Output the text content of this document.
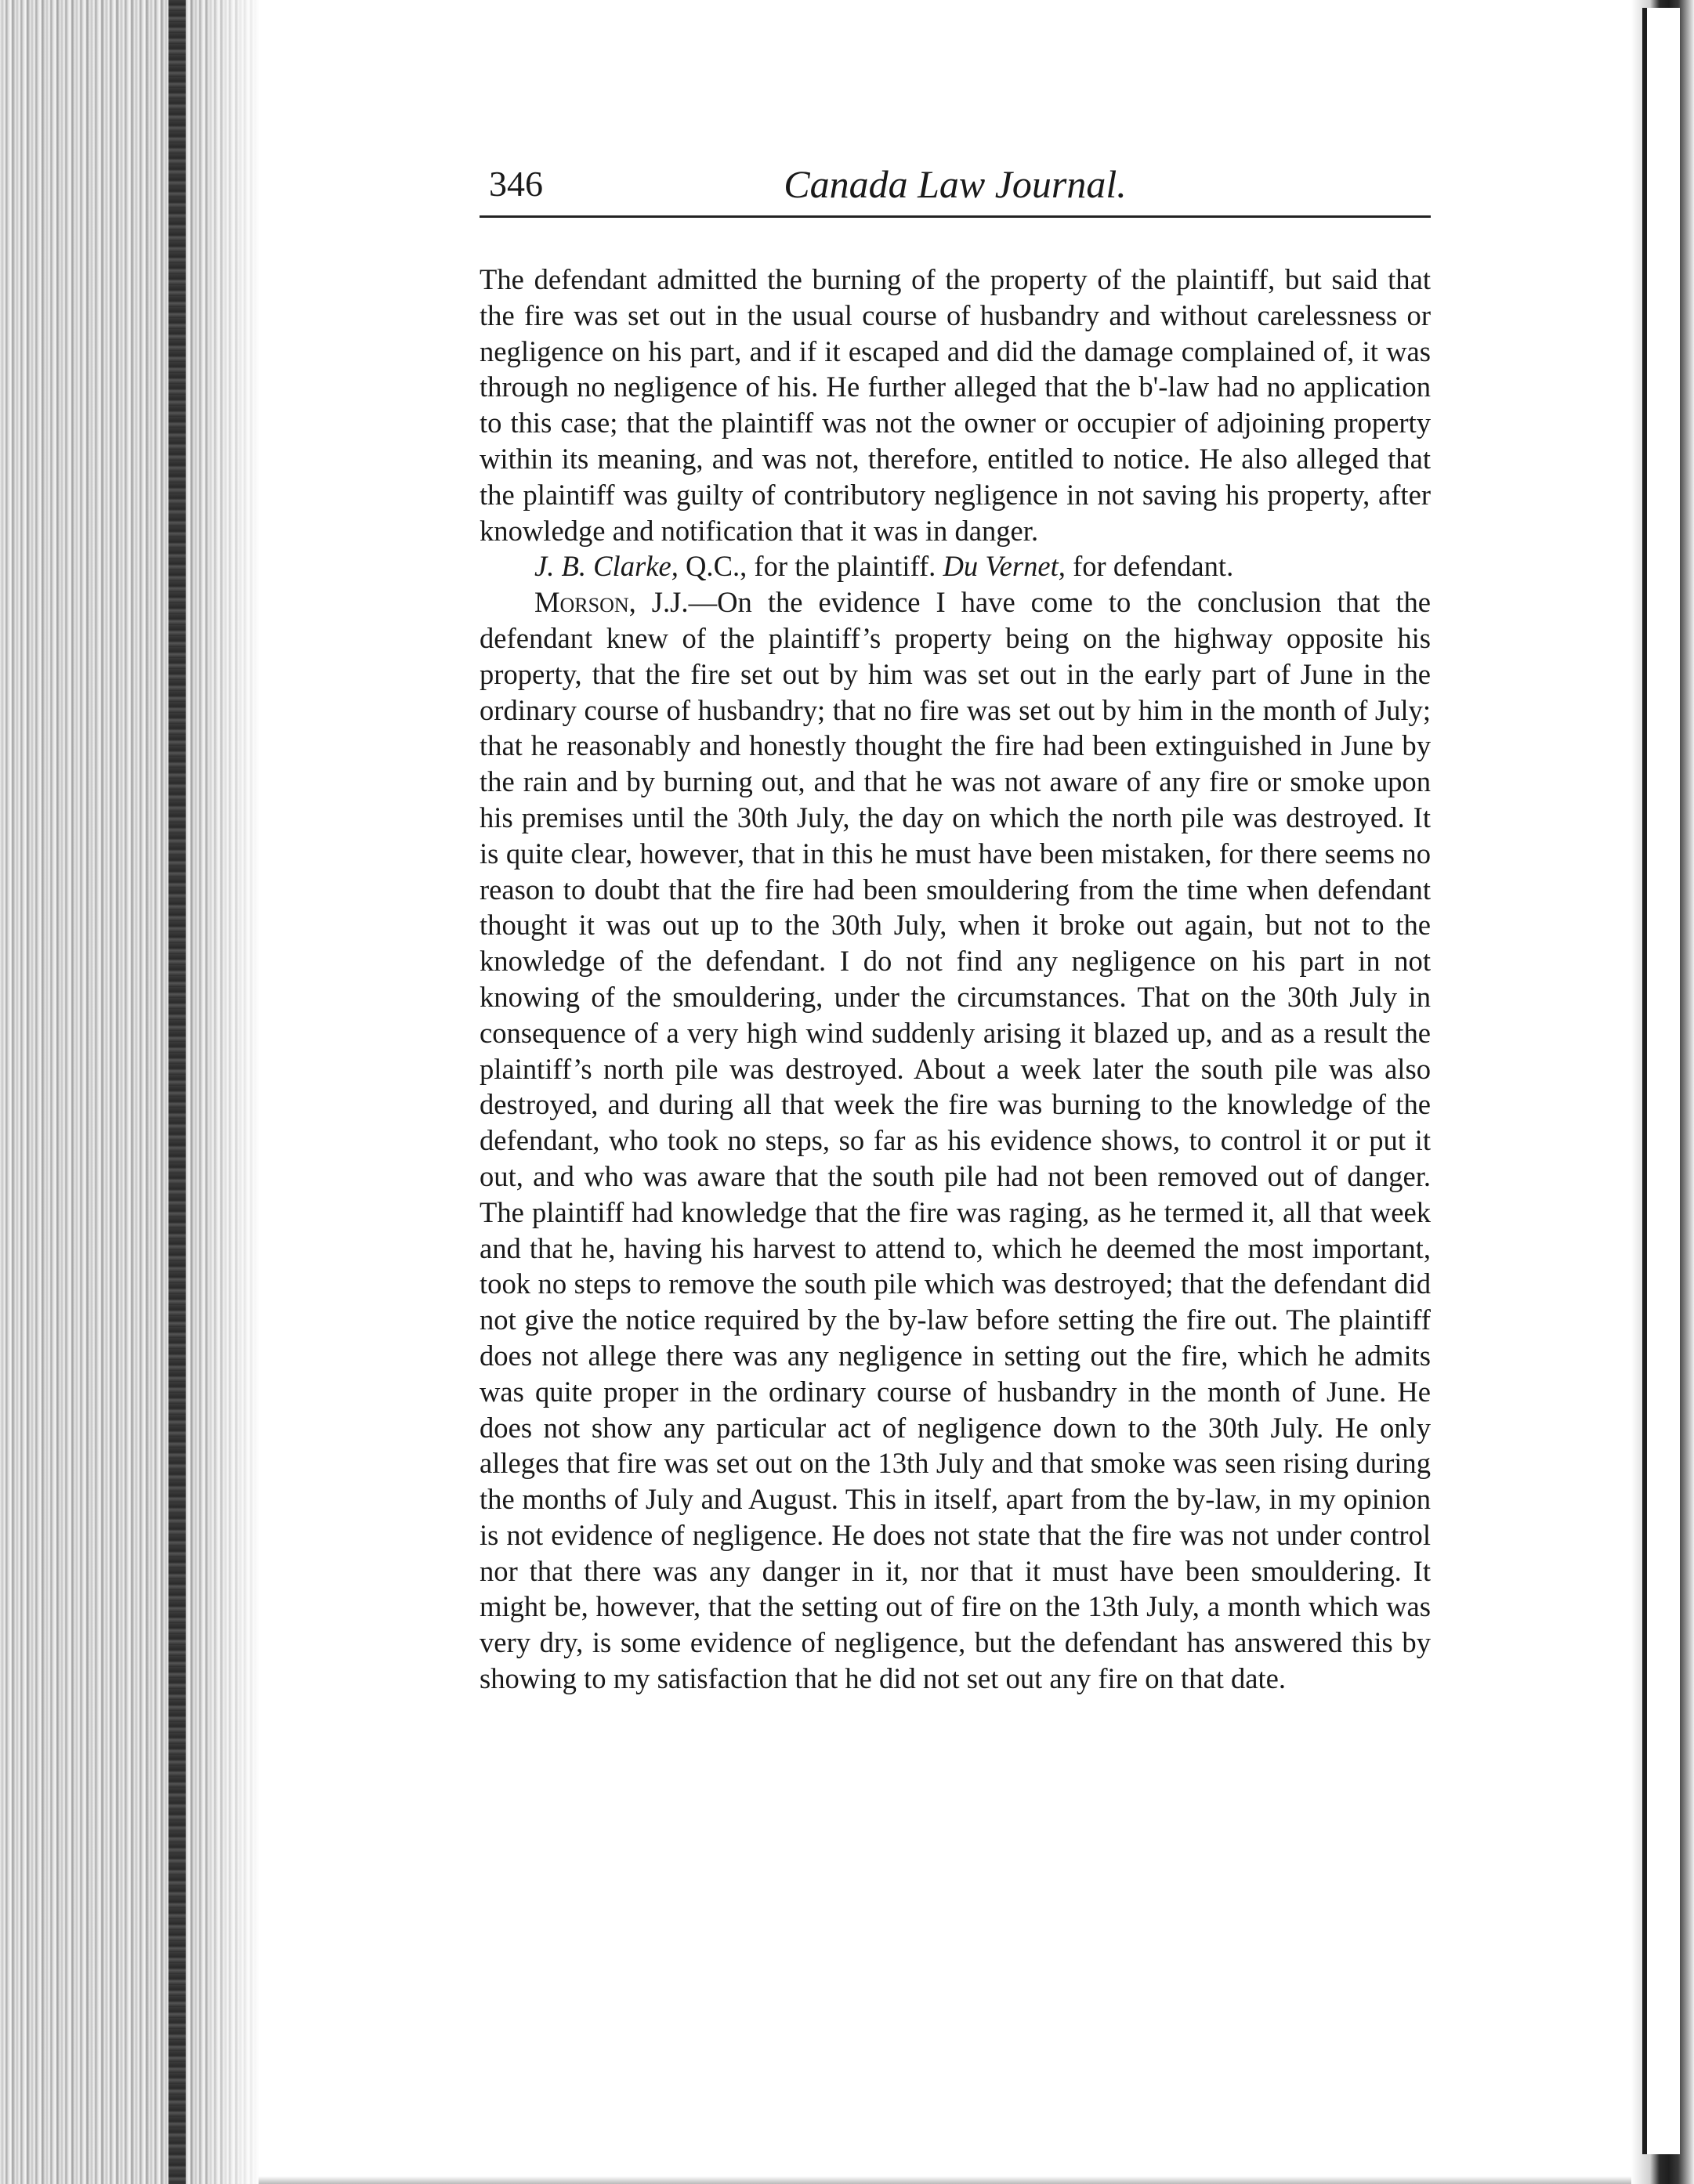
346	Canada Law Journal.

The defendant admitted the burning of the property of the plaintiff, but said that the fire was set out in the usual course of husbandry and without carelessness or negligence on his part, and if it escaped and did the damage complained of, it was through no negligence of his. He further alleged that the b'-law had no application to this case; that the plaintiff was not the owner or occupier of adjoining property within its meaning, and was not, therefore, entitled to notice. He also alleged that the plaintiff was guilty of contributory negligence in not saving his property, after knowledge and notification that it was in danger.

J. B. Clarke, Q.C., for the plaintiff. Du Vernet, for defendant.

Morson, J.J.—On the evidence I have come to the conclusion that the defendant knew of the plaintiff’s property being on the highway opposite his property, that the fire set out by him was set out in the early part of June in the ordinary course of husbandry; that no fire was set out by him in the month of July; that he reasonably and honestly thought the fire had been extinguished in June by the rain and by burning out, and that he was not aware of any fire or smoke upon his premises until the 30th July, the day on which the north pile was destroyed. It is quite clear, however, that in this he must have been mistaken, for there seems no reason to doubt that the fire had been smouldering from the time when defendant thought it was out up to the 30th July, when it broke out again, but not to the knowledge of the defendant. I do not find any negligence on his part in not knowing of the smouldering, under the circumstances. That on the 30th July in consequence of a very high wind suddenly arising it blazed up, and as a result the plaintiff’s north pile was destroyed. About a week later the south pile was also destroyed, and during all that week the fire was burning to the knowledge of the defendant, who took no steps, so far as his evidence shows, to control it or put it out, and who was aware that the south pile had not been removed out of danger. The plaintiff had knowledge that the fire was raging, as he termed it, all that week and that he, having his harvest to attend to, which he deemed the most important, took no steps to remove the south pile which was destroyed; that the defendant did not give the notice required by the by-law before setting the fire out. The plaintiff does not allege there was any negligence in setting out the fire, which he admits was quite proper in the ordinary course of husbandry in the month of June. He does not show any particular act of negligence down to the 30th July. He only alleges that fire was set out on the 13th July and that smoke was seen rising during the months of July and August. This in itself, apart from the by-law, in my opinion is not evidence of negligence. He does not state that the fire was not under control nor that there was any danger in it, nor that it must have been smouldering. It might be, however, that the setting out of fire on the 13th July, a month which was very dry, is some evidence of negligence, but the defendant has answered this by showing to my satisfaction that he did not set out any fire on that date.
